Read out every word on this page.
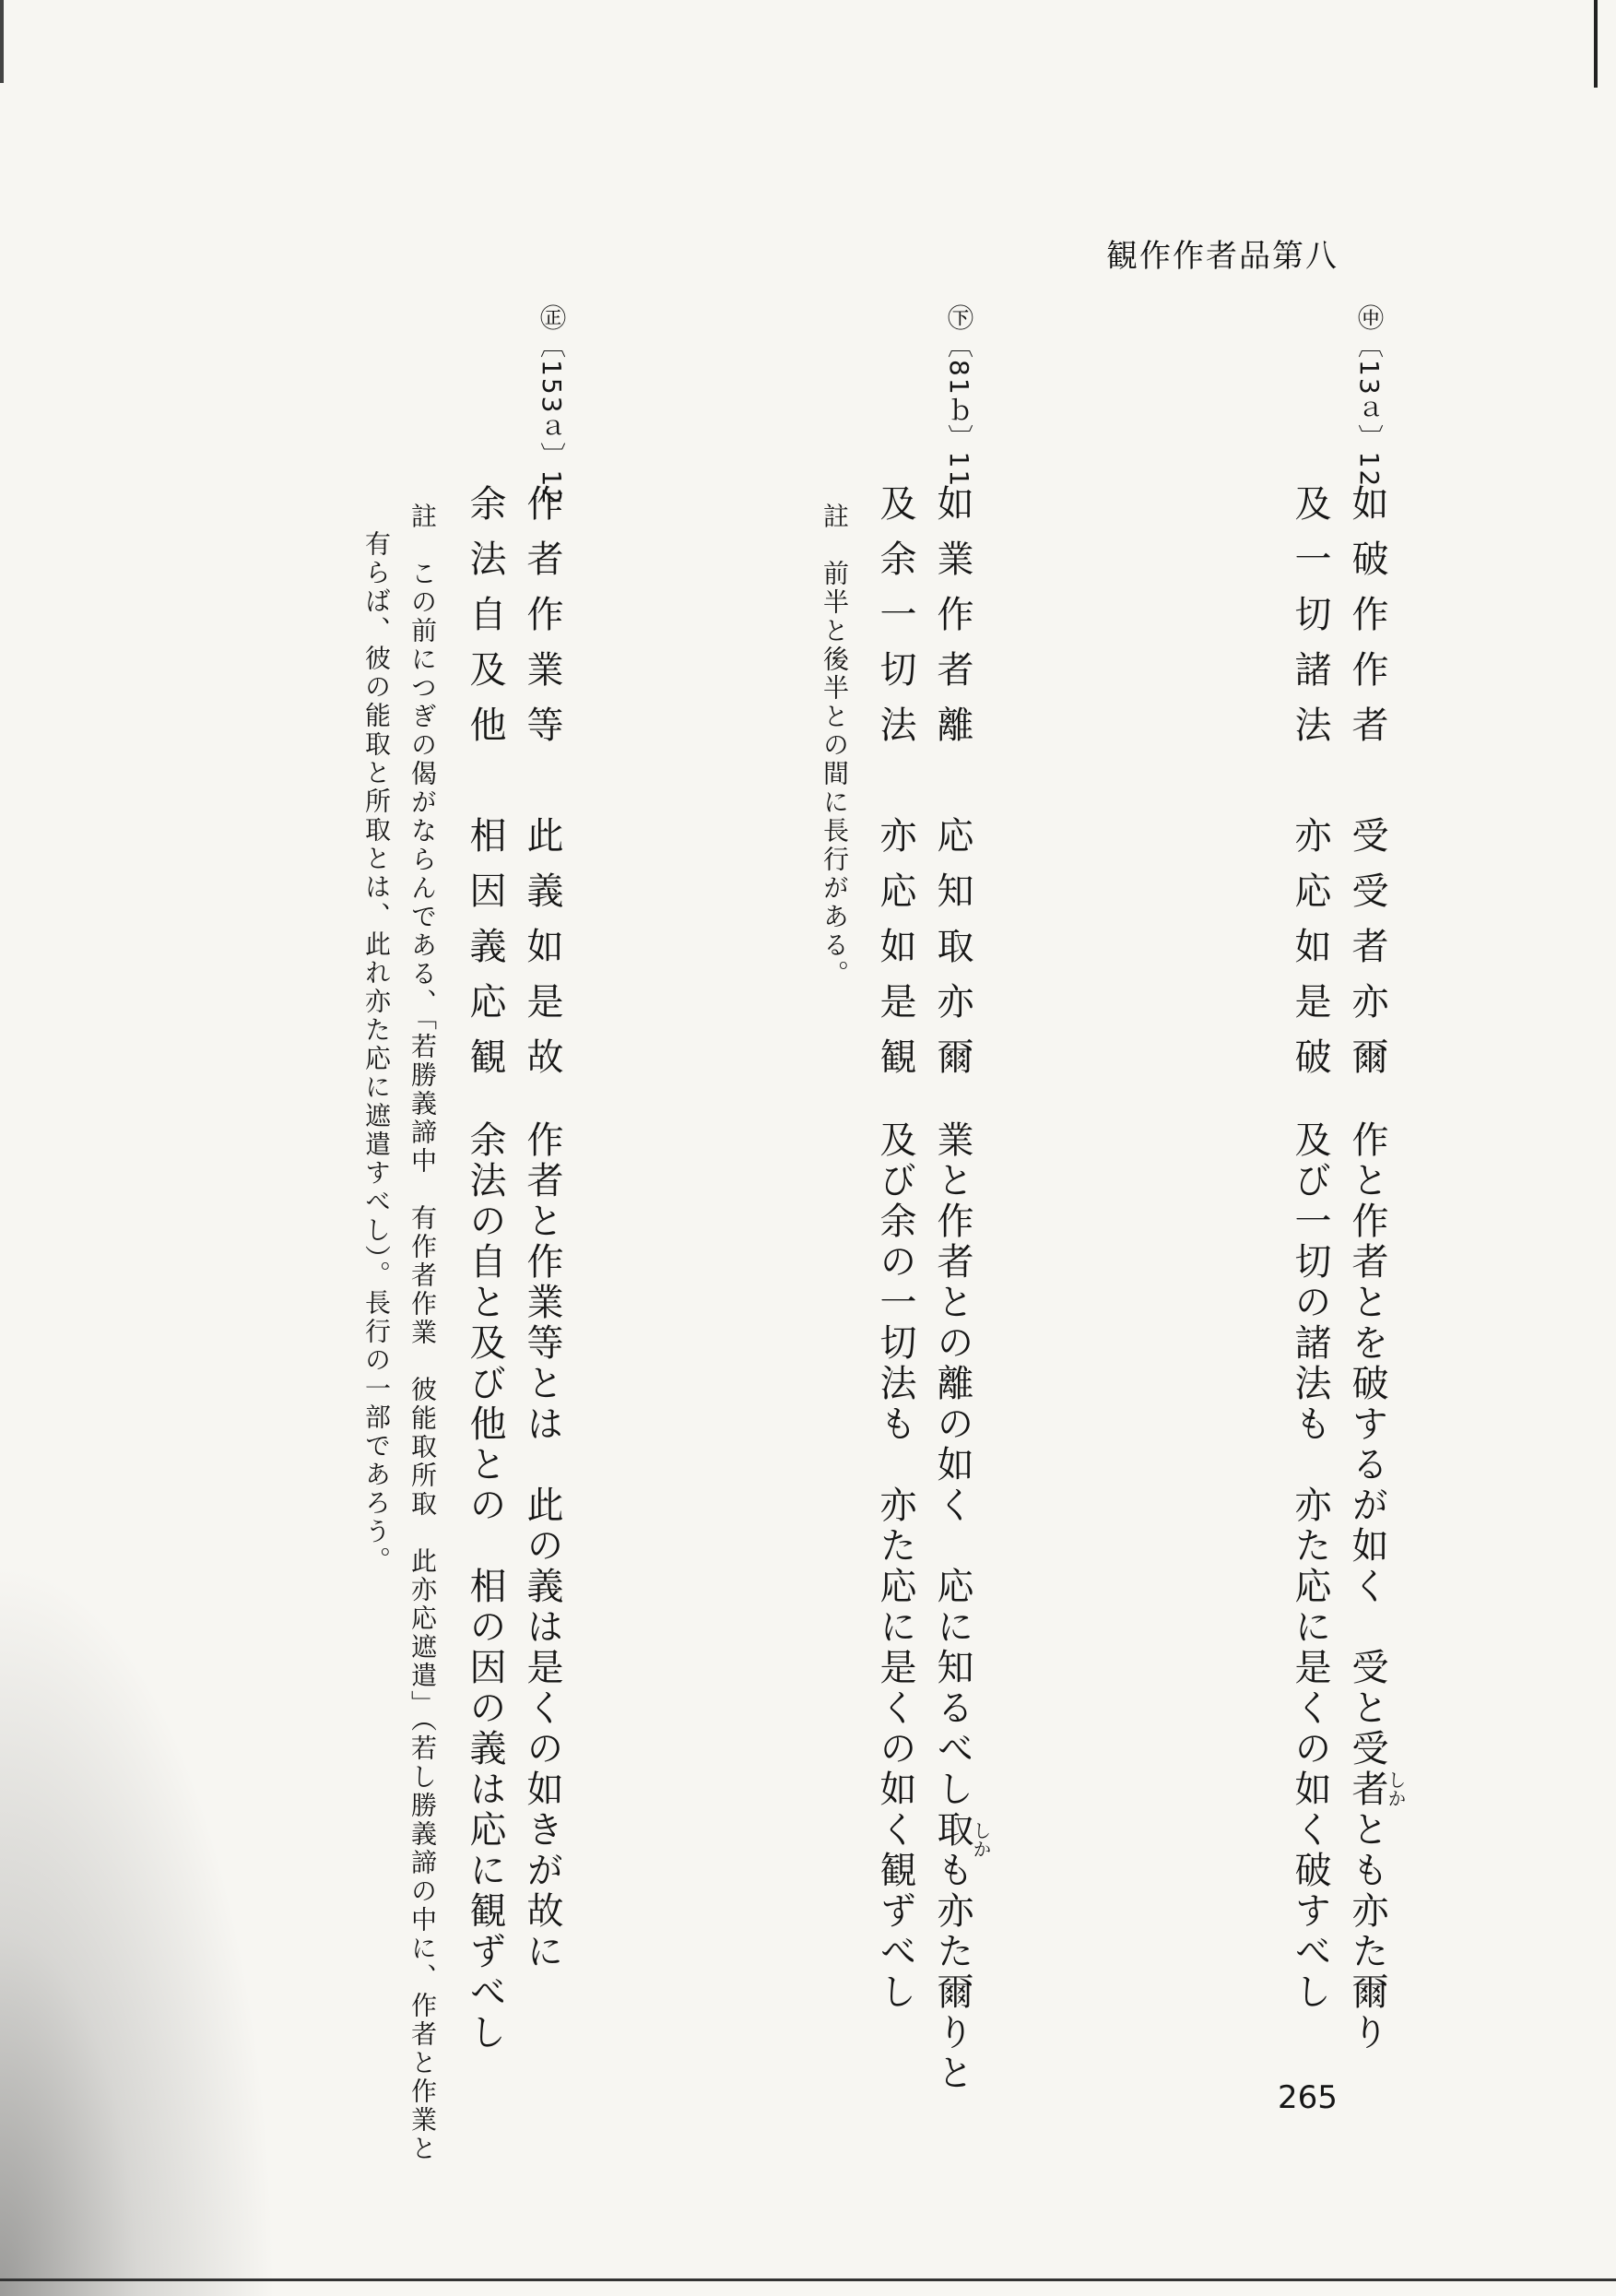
観作作者品第八
㊥〔13ａ〕12
如破作作者　受受者亦爾
及一切諸法　亦応如是破
作と作者とを破するが如く　受と受者とも亦た爾り
及び一切の諸法も　亦た応に是くの如く破すべし	しか
㊦〔81ｂ〕11
如業作者離　応知取亦爾
及余一切法　亦応如是観
註　前半と後半との間に長行がある。
業と作者との離の如く　応に知るべし取も亦た爾りと
及び余の一切法も　亦た応に是くの如く観ずべし	しか
㊣〔153ａ〕12
作者作業等　此義如是故
余法自及他　相因義応観
作者と作業等とは　此の義は是くの如きが故に
余法の自と及び他との　相の因の義は応に観ずべし
註　この前につぎの偈がならんである、「若勝義諦中　有作者作業　彼能取所取　此亦応遮遣」（若し勝義諦の中に、作者と作業と
有らば、彼の能取と所取とは、此れ亦た応に遮遣すべし）。長行の一部であろう。
265
